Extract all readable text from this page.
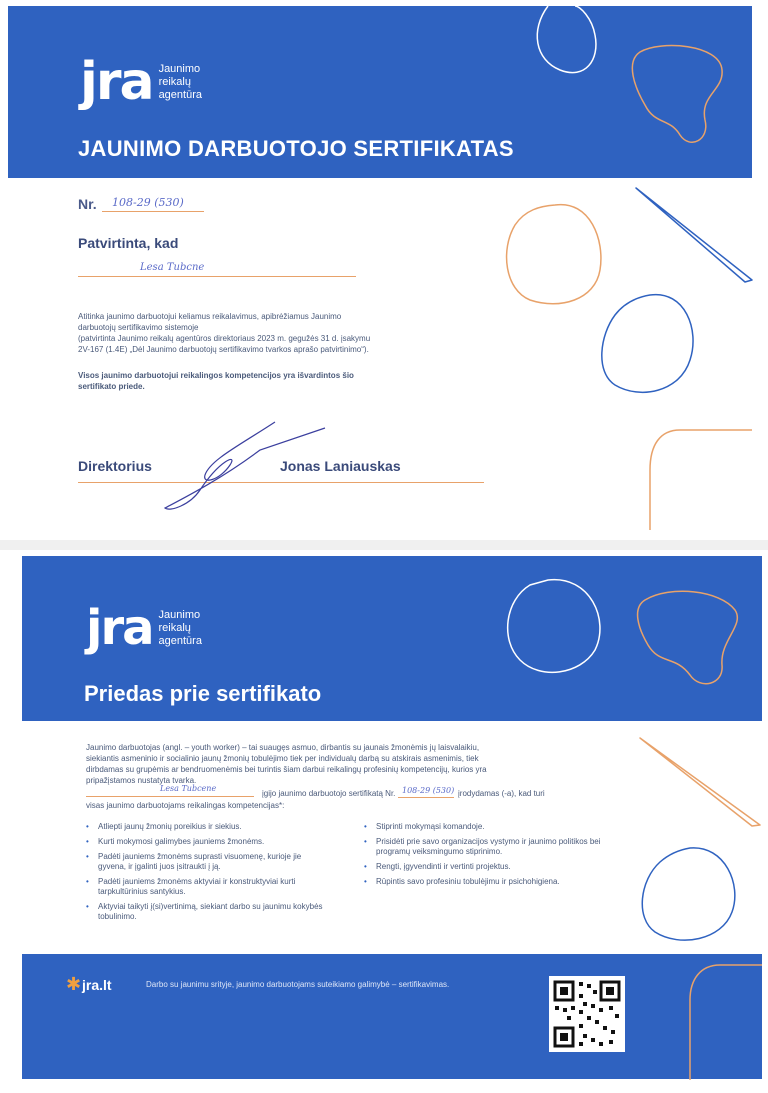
jra Jaunimo
reikalų
agentūra
JAUNIMO DARBUOTOJO SERTIFIKATAS
Nr. 108-29 (530)
Patvirtinta, kad
Lesa Tubcne
Atitinka jaunimo darbuotojui keliamus reikalavimus, apibrėžiamus Jaunimo
darbuotojų sertifikavimo sistemoje
(patvirtinta Jaunimo reikalų agentūros direktoriaus 2023 m. gegužės 31 d. įsakymu
2V-167 (1.4E) „Dėl Jaunimo darbuotojų sertifikavimo tvarkos aprašo patvirtinimo“).
Visos jaunimo darbuotojui reikalingos kompetencijos yra išvardintos šio
sertifikato priede.
Direktorius	Jonas Laniauskas
jra Jaunimo
reikalų
agentūra
Priedas prie sertifikato
Jaunimo darbuotojas (angl. – youth worker) – tai suaugęs asmuo, dirbantis su jaunais žmonėmis jų laisvalaikiu,
siekiantis asmeninio ir socialinio jaunų žmonių tobulėjimo tiek per individualų darbą su atskirais asmenimis, tiek
dirbdamas su grupėmis ar bendruomenėmis bei turintis šiam darbui reikalingų profesinių kompetencijų, kurios yra
pripažįstamos nustatyta tvarka.
Lesa Tubcene
įgijo jaunimo darbuotojo sertifikatą Nr. 108-29 (530) įrodydamas (-a), kad turi
visas jaunimo darbuotojams reikalingas kompetencijas*:
•	Atliepti jaunų žmonių poreikius ir siekius.
•	Kurti mokymosi galimybes jauniems žmonėms.
•	Padėti jauniems žmonėms suprasti visuomenę, kurioje jie gyvena, ir įgalinti juos įsitraukti į ją.
•	Padėti jauniems žmonėms aktyviai ir konstruktyviai kurti tarpkultūrinius santykius.
•	Aktyviai taikyti į(si)vertinimą, siekiant darbo su jaunimu kokybės tobulinimo.
•	Stiprinti mokymąsi komandoje.
•	Prisidėti prie savo organizacijos vystymo ir jaunimo politikos bei programų veiksmingumo stiprinimo.
•	Rengti, įgyvendinti ir vertinti projektus.
•	Rūpintis savo profesiniu tobulėjimu ir psichohigiena.
✱ jra.lt	Darbo su jaunimu srityje, jaunimo darbuotojams suteikiamo galimybė – sertifikavimas.
